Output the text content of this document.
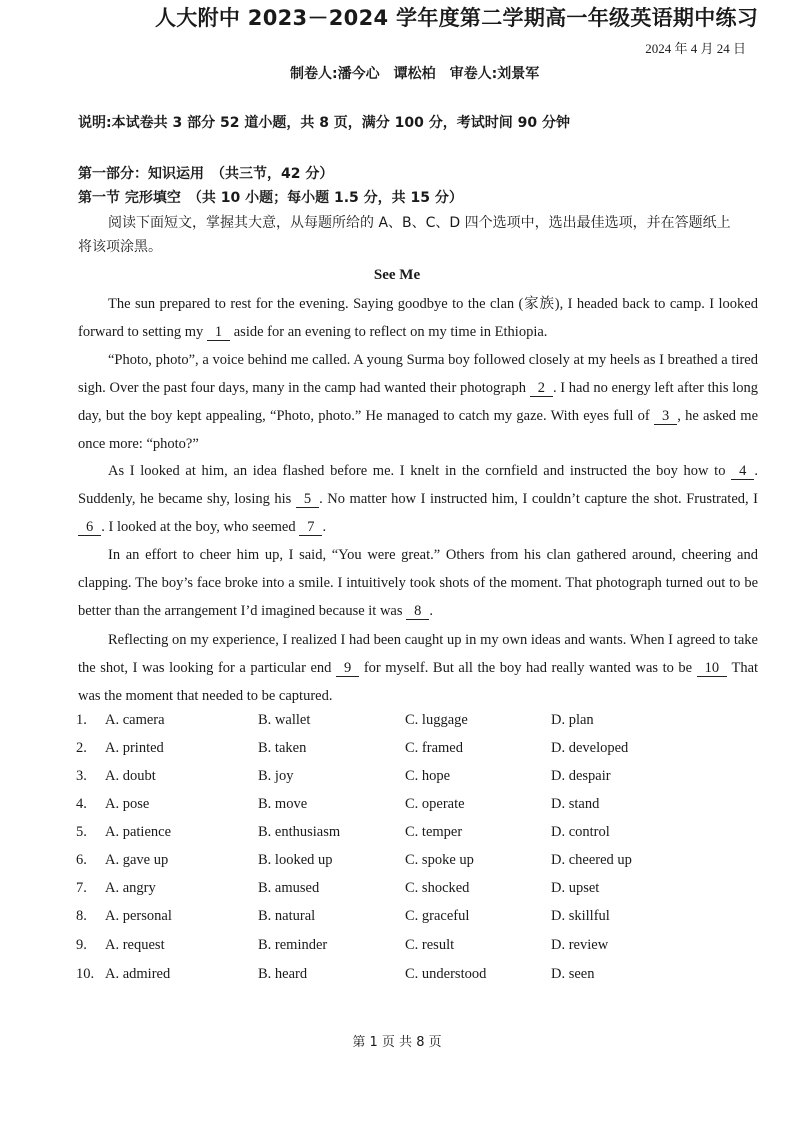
人大附中 2023－2024 学年度第二学期高一年级英语期中练习
2024 年 4 月 24 日
制卷人:潘今心　谭松柏　审卷人:刘景军
说明:本试卷共 3 部分 52 道小题，共 8 页，满分 100 分，考试时间 90 分钟
第一部分：知识运用　（共三节，42 分）
第一节 完形填空　（共 10 小题；每小题 1.5 分，共 15 分）
阅读下面短文，掌握其大意，从每题所给的 A、B、C、D 四个选项中，选出最佳选项，并在答题纸上
将该项涂黑。
See Me
The sun prepared to rest for the evening. Saying goodbye to the clan (家族), I headed back to camp. I looked forward to setting my 1 aside for an evening to reflect on my time in Ethiopia.
“Photo, photo”, a voice behind me called. A young Surma boy followed closely at my heels as I breathed a tired sigh. Over the past four days, many in the camp had wanted their photograph 2 . I had no energy left after this long day, but the boy kept appealing, “Photo, photo.” He managed to catch my gaze. With eyes full of 3 , he asked me once more: “photo?”
As I looked at him, an idea flashed before me. I knelt in the cornfield and instructed the boy how to 4 . Suddenly, he became shy, losing his 5 . No matter how I instructed him, I couldn’t capture the shot. Frustrated, I 6 . I looked at the boy, who seemed 7 .
In an effort to cheer him up, I said, “You were great.” Others from his clan gathered around, cheering and clapping. The boy’s face broke into a smile. I intuitively took shots of the moment. That photograph turned out to be better than the arrangement I’d imagined because it was 8 .
Reflecting on my experience, I realized I had been caught up in my own ideas and wants. When I agreed to take the shot, I was looking for a particular end 9 for myself. But all the boy had really wanted was to be 10 That was the moment that needed to be captured.
1. A. camera	B. wallet	C. luggage	D. plan
2. A. printed	B. taken	C. framed	D. developed
3. A. doubt	B. joy	C. hope	D. despair
4. A. pose	B. move	C. operate	D. stand
5. A. patience	B. enthusiasm	C. temper	D. control
6. A. gave up	B. looked up	C. spoke up	D. cheered up
7. A. angry	B. amused	C. shocked	D. upset
8. A. personal	B. natural	C. graceful	D. skillful
9. A. request	B. reminder	C. result	D. review
10. A. admired	B. heard	C. understood	D. seen
第 1 页 共 8 页
